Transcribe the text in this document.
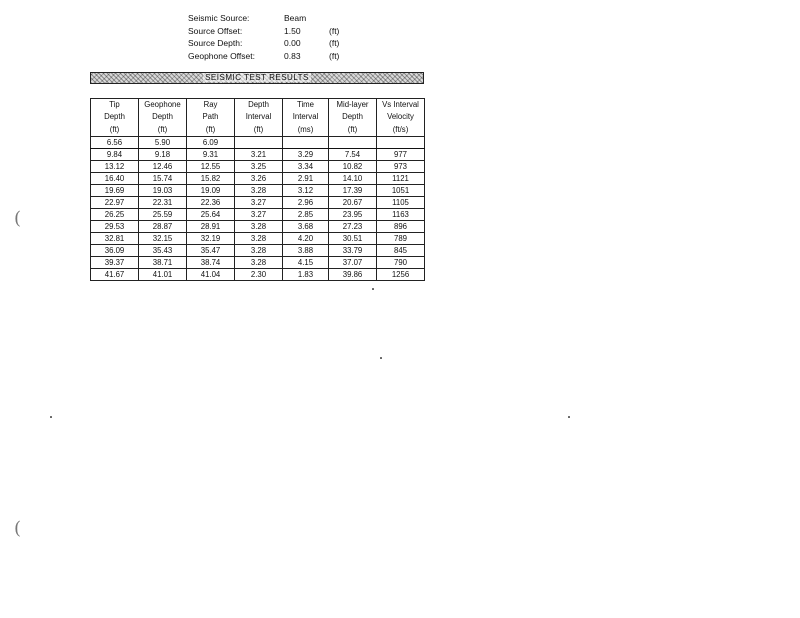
Seismic Source:	Beam
Source Offset:	1.50	(ft)
Source Depth:	0.00	(ft)
Geophone Offset:	0.83	(ft)
SEISMIC TEST RESULTS
Tip	Geophone	Ray	Depth	Time	Mid-layer	Vs Interval
Depth	Depth	Path	Interval	Interval	Depth	Velocity
(ft)	(ft)	(ft)	(ft)	(ms)	(ft)	(ft/s)
6.56	5.90	6.09				
9.84	9.18	9.31	3.21	3.29	7.54	977
13.12	12.46	12.55	3.25	3.34	10.82	973
16.40	15.74	15.82	3.26	2.91	14.10	1121
19.69	19.03	19.09	3.28	3.12	17.39	1051
22.97	22.31	22.36	3.27	2.96	20.67	1105
26.25	25.59	25.64	3.27	2.85	23.95	1163
29.53	28.87	28.91	3.28	3.68	27.23	896
32.81	32.15	32.19	3.28	4.20	30.51	789
36.09	35.43	35.47	3.28	3.88	33.79	845
39.37	38.71	38.74	3.28	4.15	37.07	790
41.67	41.01	41.04	2.30	1.83	39.86	1256
(
(
